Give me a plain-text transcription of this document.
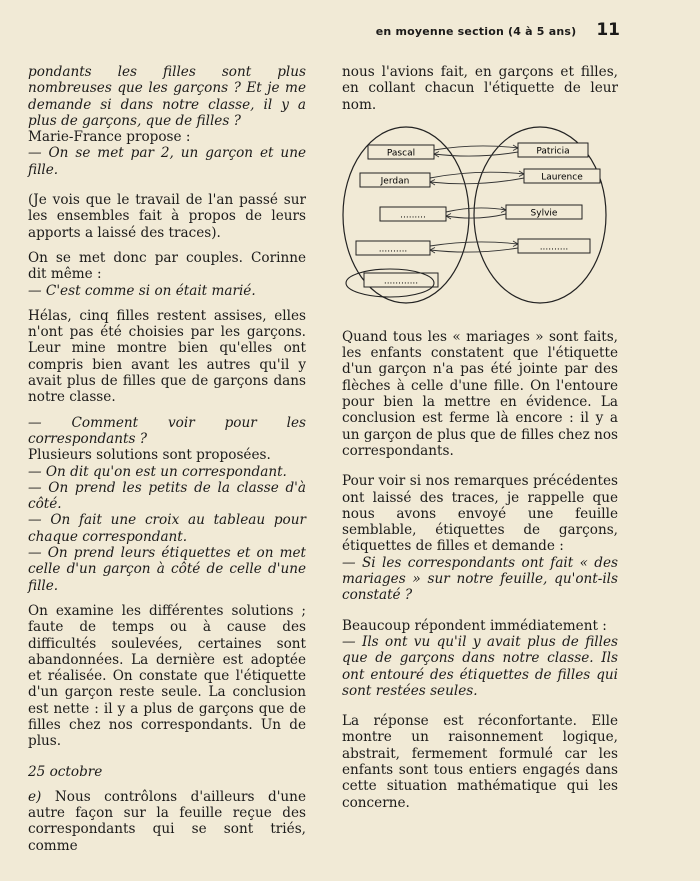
en moyenne section (4 à 5 ans) 11

pondants les filles sont plus nombreuses que les garçons ? Et je me demande si dans notre classe, il y a plus de garçons, que de filles ?

Marie-France propose :

— On se met par 2, un garçon et une fille.

(Je vois que le travail de l'an passé sur les ensembles fait à propos de leurs apports a laissé des traces).

On se met donc par couples. Corinne dit même :

— C'est comme si on était marié.

Hélas, cinq filles restent assises, elles n'ont pas été choisies par les garçons. Leur mine montre bien qu'elles ont compris bien avant les autres qu'il y avait plus de filles que de garçons dans notre classe.

— Comment voir pour les correspondants ?

Plusieurs solutions sont proposées.

— On dit qu'on est un correspondant.

— On prend les petits de la classe d'à côté.

— On fait une croix au tableau pour chaque correspondant.

— On prend leurs étiquettes et on met celle d'un garçon à côté de celle d'une fille.

On examine les différentes solutions ; faute de temps ou à cause des difficultés soulevées, certaines sont abandonnées. La dernière est adoptée et réalisée. On constate que l'étiquette d'un garçon reste seule. La conclusion est nette : il y a plus de garçons que de filles chez nos correspondants. Un de plus.

25 octobre

e) Nous contrôlons d'ailleurs d'une autre façon sur la feuille reçue des correspondants qui se sont triés, comme

nous l'avions fait, en garçons et filles, en collant chacun l'étiquette de leur nom.

Pascal
Jerdan
.........
..........
............
Patricia
Laurence
Sylvie
..........

Quand tous les « mariages » sont faits, les enfants constatent que l'étiquette d'un garçon n'a pas été jointe par des flèches à celle d'une fille. On l'entoure pour bien la mettre en évidence. La conclusion est ferme là encore : il y a un garçon de plus que de filles chez nos correspondants.

Pour voir si nos remarques précédentes ont laissé des traces, je rappelle que nous avons envoyé une feuille semblable, étiquettes de garçons, étiquettes de filles et demande :

— Si les correspondants ont fait « des mariages » sur notre feuille, qu'ont-ils constaté ?

Beaucoup répondent immédiatement :

— Ils ont vu qu'il y avait plus de filles que de garçons dans notre classe. Ils ont entouré des étiquettes de filles qui sont restées seules.

La réponse est réconfortante. Elle montre un raisonnement logique, abstrait, fermement formulé car les enfants sont tous entiers engagés dans cette situation mathématique qui les concerne.
